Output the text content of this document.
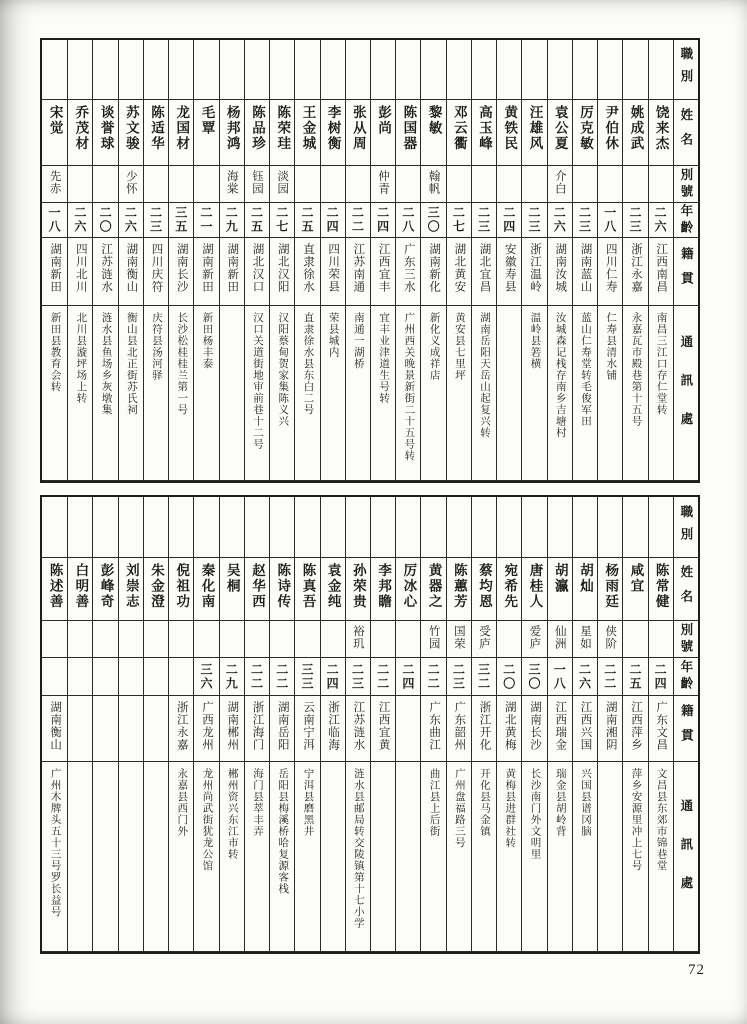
職別
姓名
饶来杰
姚成武
尹伯休
厉克敏
袁公夏
汪雄风
黄铁民
高玉峰
邓云衢
黎敏
陈国器
彭尚
张从周
李树衡
王金城
陈荣珪
陈品珍
杨邦鸿
毛覃
龙国材
陈适华
苏文骏
谈誉球
乔茂材
宋觉
別號
介白
翰帆
仲青
淡园
钰园
海棠
少怀
先赤
年齡
二六
二三
一八
二三
二六
二三
二四
二三
二七
三〇
二八
二四
二二
二四
二五
二七
二五
二九
二一
三五
二三
二六
二〇
二六
一八
籍貫
江西南昌
浙江永嘉
四川仁寿
湖南蓝山
湖南汝城
浙江温岭
安徽寿县
湖北宜昌
湖北黄安
湖南新化
广东三水
江西宜丰
江苏南通
四川荣县
直隶徐水
湖北汉阳
湖北汉口
湖南新田
湖南新田
湖南长沙
四川庆符
湖南衡山
江苏涟水
四川北川
湖南新田
通訊處
南昌三江口存仁堂转
永嘉瓦市殿巷第十五号
仁寿县清水铺
蓝山仁寿堂转毛俊军田
汝城森记栈存南乡吉塘村
温岭县箬横
湖南岳阳天岳山起复兴转
黄安县七里坪
新化义成祥店
广州西关晚景新街二十五号转
宜丰业津道生号转
南通一湖桥
荣县城内
直隶徐水县东白二号
汉阳蔡甸贺家集陈义兴
汉口关道街地审前巷十二号
新田杨丰泰
长沙松桂桂兰第一号
庆符县汤河驿
衡山县北正街苏氏祠
涟水县鱼场乡灰墩集
北川县漩坪场上转
新田县教育会转
職別
姓名
陈常健
咸宜
杨雨廷
胡灿
胡瀛
唐桂人
宛希先
蔡均恩
陈蕙芳
黄器之
厉冰心
李邦瞻
孙荣贵
袁金纯
陈真吾
陈诗传
赵华西
吴桐
秦化南
倪祖功
朱金澄
刘崇志
彭峰奇
白明善
陈述善
別號
侠阶
星如
仙洲
爱庐
受庐
国荣
竹园
裕玑
年齡
二四
二五
二二
二六
一八
三〇
二〇
三二
二三
二二
二四
二二
二三
二四
三三
二二
二二
二九
三六
籍貫
广东文昌
江西萍乡
湖南湘阴
江西兴国
江西瑞金
湖南长沙
湖北黄梅
浙江开化
广东韶州
广东曲江
江西宜黄
江苏涟水
浙江临海
云南宁洱
湖南岳阳
浙江海门
湖南郴州
广西龙州
浙江永嘉
湖南衡山
通訊處
文昌县东郊市锦巷堂
萍乡安源里冲上七号
兴国县谱冈脑
瑞金县胡岭背
长沙南门外文明里
黄梅县进群社转
开化县马金镇
广州盘福路三号
曲江县上后街
涟水县邮局转交陵镇第十七小学
宁洱县磨黑井
岳阳县梅溪桥哈复源客栈
海门县萃丰弄
郴州资兴东江市转
龙州尚武街犹龙公馆
永嘉县西门外
广州木牌头五十三号罗长益号
72
